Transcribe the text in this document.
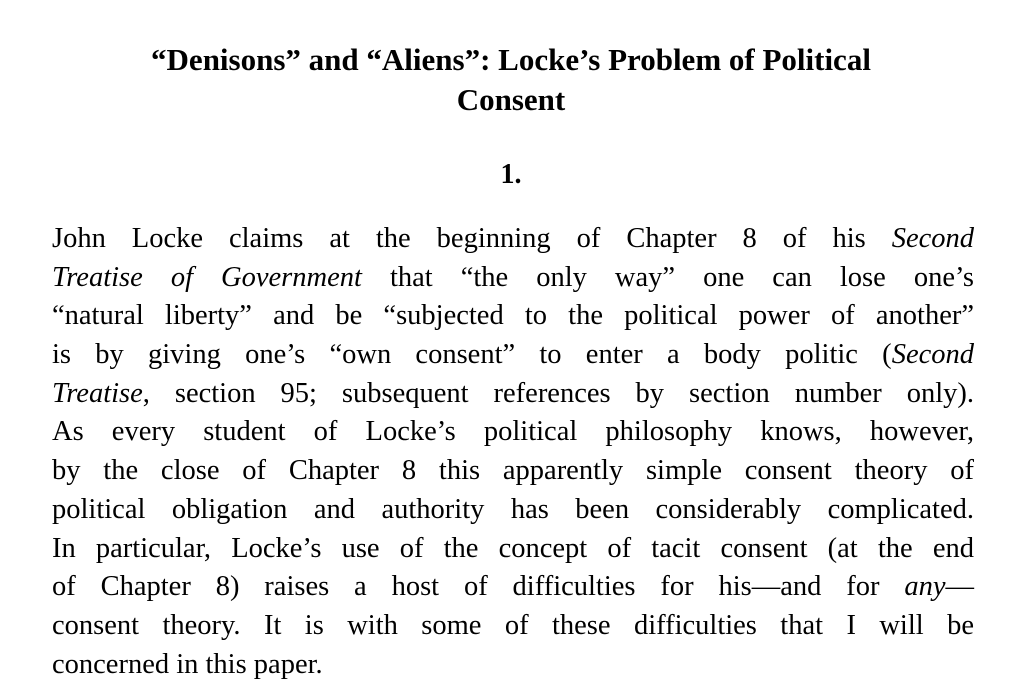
“Denisons” and “Aliens”: Locke’s Problem of Political
Consent
1.

John Locke claims at the beginning of Chapter 8 of his Second
Treatise of Government that “the only way” one can lose one’s
“natural liberty” and be “subjected to the political power of another”
is by giving one’s “own consent” to enter a body politic (Second
Treatise, section 95; subsequent references by section number only).
As every student of Locke’s political philosophy knows, however,
by the close of Chapter 8 this apparently simple consent theory of
political obligation and authority has been considerably complicated.
In particular, Locke’s use of the concept of tacit consent (at the end
of Chapter 8) raises a host of difficulties for his—and for any—
consent theory. It is with some of these difficulties that I will be
concerned in this paper.
